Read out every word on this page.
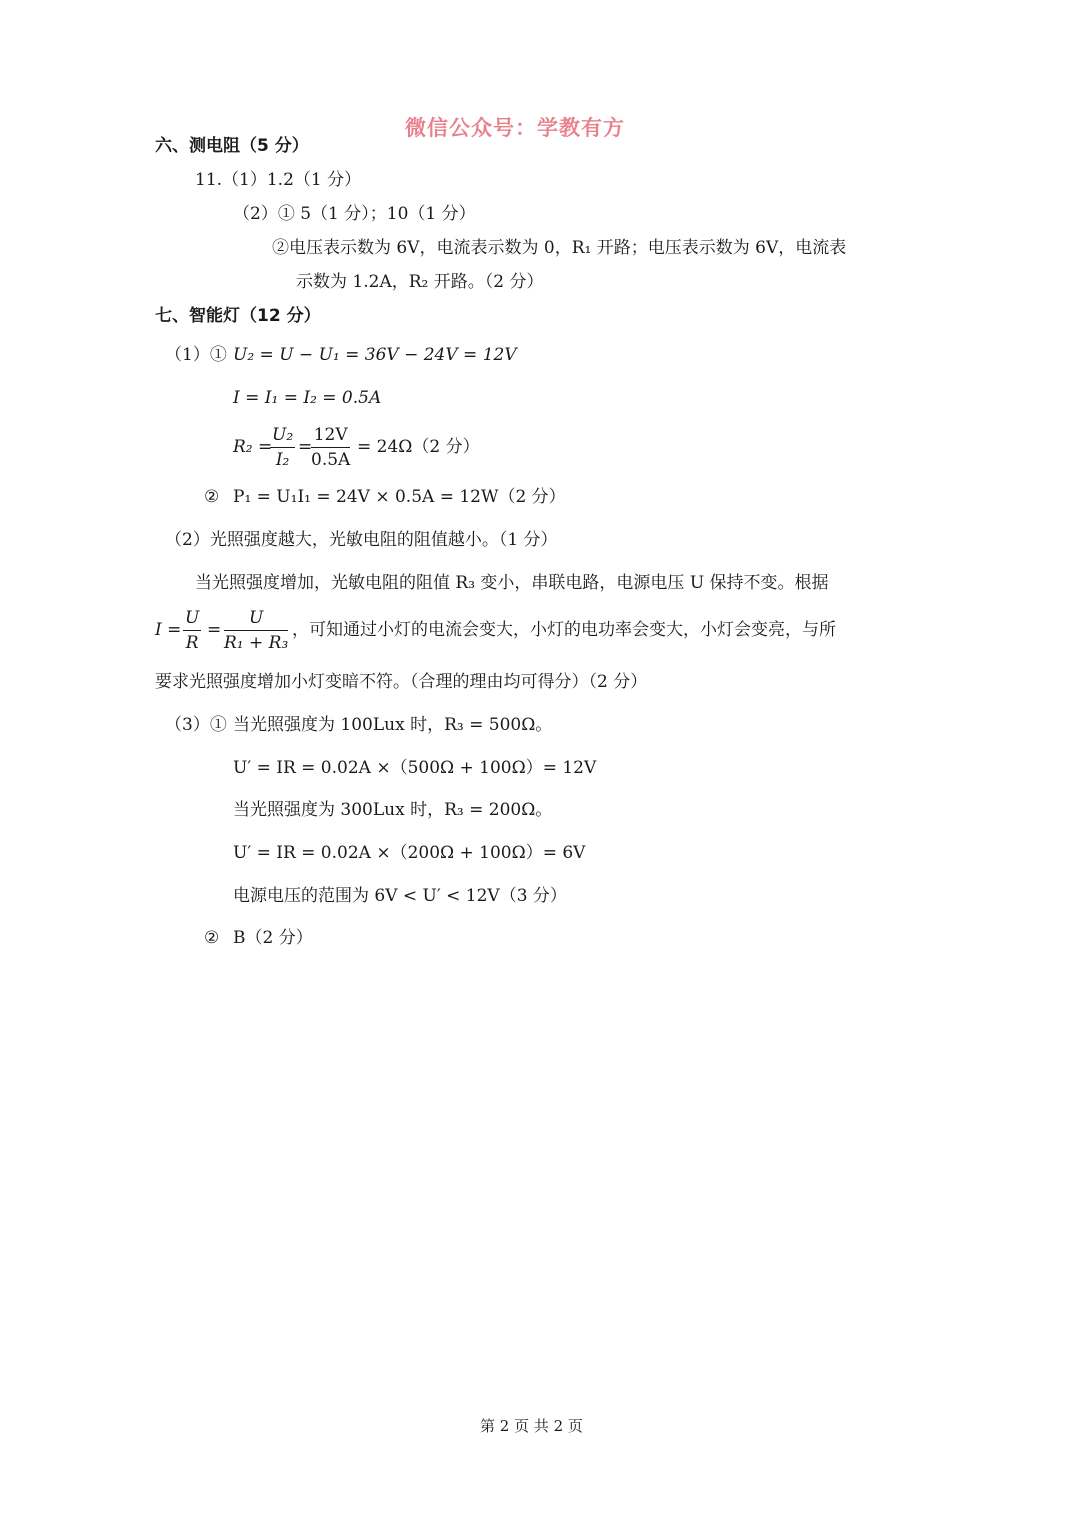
微信公众号：学教有方
六、测电阻（5 分）
11.（1）1.2（1 分）
（2）① 5（1 分）；10（1 分）
②电压表示数为 6V，电流表示数为 0，R₁ 开路；电压表示数为 6V，电流表
示数为 1.2A，R₂ 开路。（2 分）
七、智能灯（12 分）
（1）① U₂ = U − U₁ = 36V − 24V = 12V
I = I₁ = I₂ = 0.5A
R₂ =
$\frac{\text{U₂}}{\text{I₂}}$ =
$\frac{12V}{0.5A} = 24\Omega(2$ 分）
② P₁ = U₁I₁ = 24V × 0.5A = 12W（2 分）
（2）光照强度越大，光敏电阻的阻值越小。（1 分）
当光照强度增加，光敏电阻的阻值 R₃ 变小，串联电路，电源电压 U 保持不变。根据
$I = \frac{U}{R} = \frac{U}{\text{R₁ + R₃}}$ ，可知通过小灯的电流会变大，小灯的电功率会变大，小灯会变亮，与所
要求光照强度增加小灯变暗不符。（合理的理由均可得分）（2 分）
（3）① 当光照强度为 100Lux 时，R₃ = 500Ω。
U′ = IR = 0.02A ×（500Ω + 100Ω）= 12V
当光照强度为 300Lux 时，R₃ = 200Ω。
U′ = IR = 0.02A ×（200Ω + 100Ω）= 6V
电源电压的范围为 6V < U′ < 12V（3 分）
② B（2 分）
第 2 页 共 2 页
